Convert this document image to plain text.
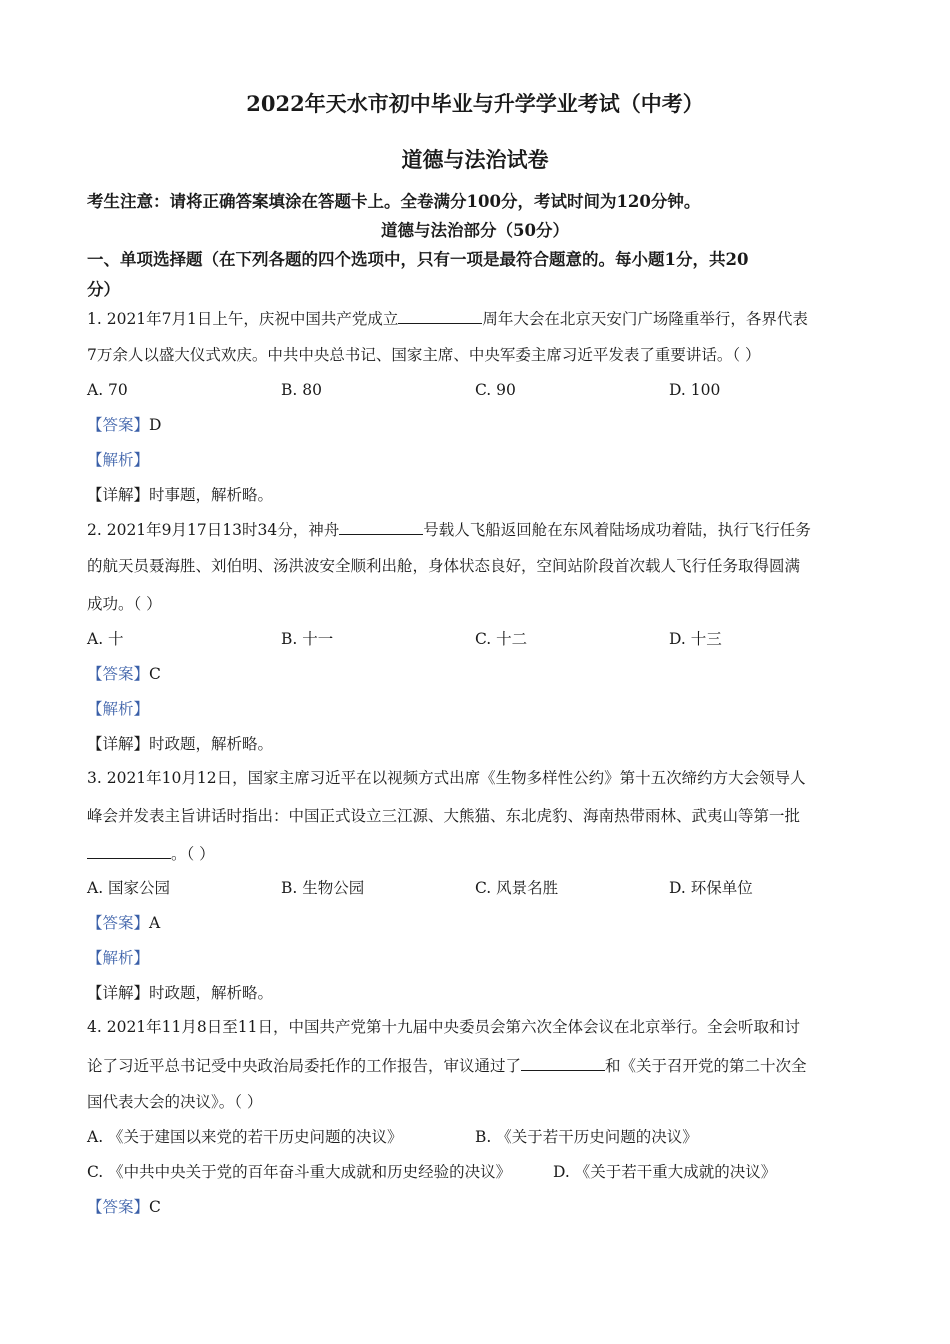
2022年天水市初中毕业与升学学业考试（中考）
道德与法治试卷
考生注意：请将正确答案填涂在答题卡上。全卷满分100分，考试时间为120分钟。
道德与法治部分（50分）
一、单项选择题（在下列各题的四个选项中，只有一项是最符合题意的。每小题1分，共20
分）
1. 2021年7月1日上午，庆祝中国共产党成立	周年大会在北京天安门广场隆重举行，各界代表
7万余人以盛大仪式欢庆。中共中央总书记、国家主席、中央军委主席习近平发表了重要讲话。（ ）
A. 70	B. 80	C. 90	D. 100
【答案】D
【解析】
【详解】时事题，解析略。
2. 2021年9月17日13时34分，神舟	号载人飞船返回舱在东风着陆场成功着陆，执行飞行任务
的航天员聂海胜、刘伯明、汤洪波安全顺利出舱，身体状态良好，空间站阶段首次载人飞行任务取得圆满
成功。（ ）
A. 十	B. 十一	C. 十二	D. 十三
【答案】C
【解析】
【详解】时政题，解析略。
3. 2021年10月12日，国家主席习近平在以视频方式出席《生物多样性公约》第十五次缔约方大会领导人
峰会并发表主旨讲话时指出：中国正式设立三江源、大熊猫、东北虎豹、海南热带雨林、武夷山等第一批
。（ ）
A. 国家公园	B. 生物公园	C. 风景名胜	D. 环保单位
【答案】A
【解析】
【详解】时政题，解析略。
4. 2021年11月8日至11日，中国共产党第十九届中央委员会第六次全体会议在北京举行。全会听取和讨
论了习近平总书记受中央政治局委托作的工作报告，审议通过了	和《关于召开党的第二十次全
国代表大会的决议》。（ ）
A. 《关于建国以来党的若干历史问题的决议》	B. 《关于若干历史问题的决议》
C. 《中共中央关于党的百年奋斗重大成就和历史经验的决议》	D. 《关于若干重大成就的决议》
【答案】C
